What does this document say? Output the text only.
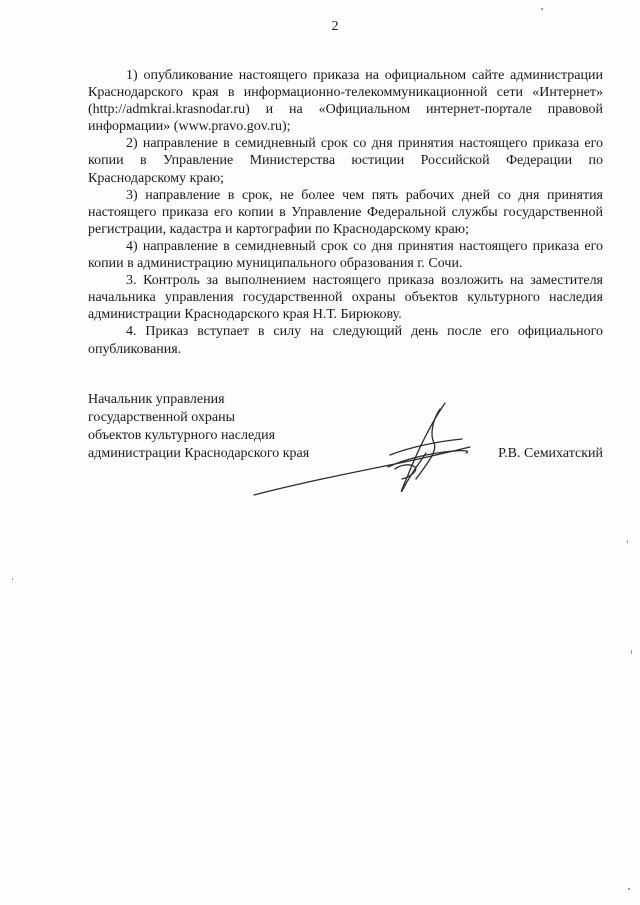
2

1) опубликование настоящего приказа на официальном сайте администрации Краснодарского края в информационно-телекоммуникационной сети «Интернет» (http://admkrai.krasnodar.ru) и на «Официальном интернет-портале правовой информации» (www.pravo.gov.ru);

2) направление в семидневный срок со дня принятия настоящего приказа его копии в Управление Министерства юстиции Российской Федерации по Краснодарскому краю;

3) направление в срок, не более чем пять рабочих дней со дня принятия настоящего приказа его копии в Управление Федеральной службы государственной регистрации, кадастра и картографии по Краснодарскому краю;

4) направление в семидневный срок со дня принятия настоящего приказа его копии в администрацию муниципального образования г. Сочи.

3. Контроль за выполнением настоящего приказа возложить на заместителя начальника управления государственной охраны объектов культурного наследия администрации Краснодарского края Н.Т. Бирюкову.

4. Приказ вступает в силу на следующий день после его официального опубликования.

Начальник управления
государственной охраны
объектов культурного наследия
администрации Краснодарского края	Р.В. Семихатский
